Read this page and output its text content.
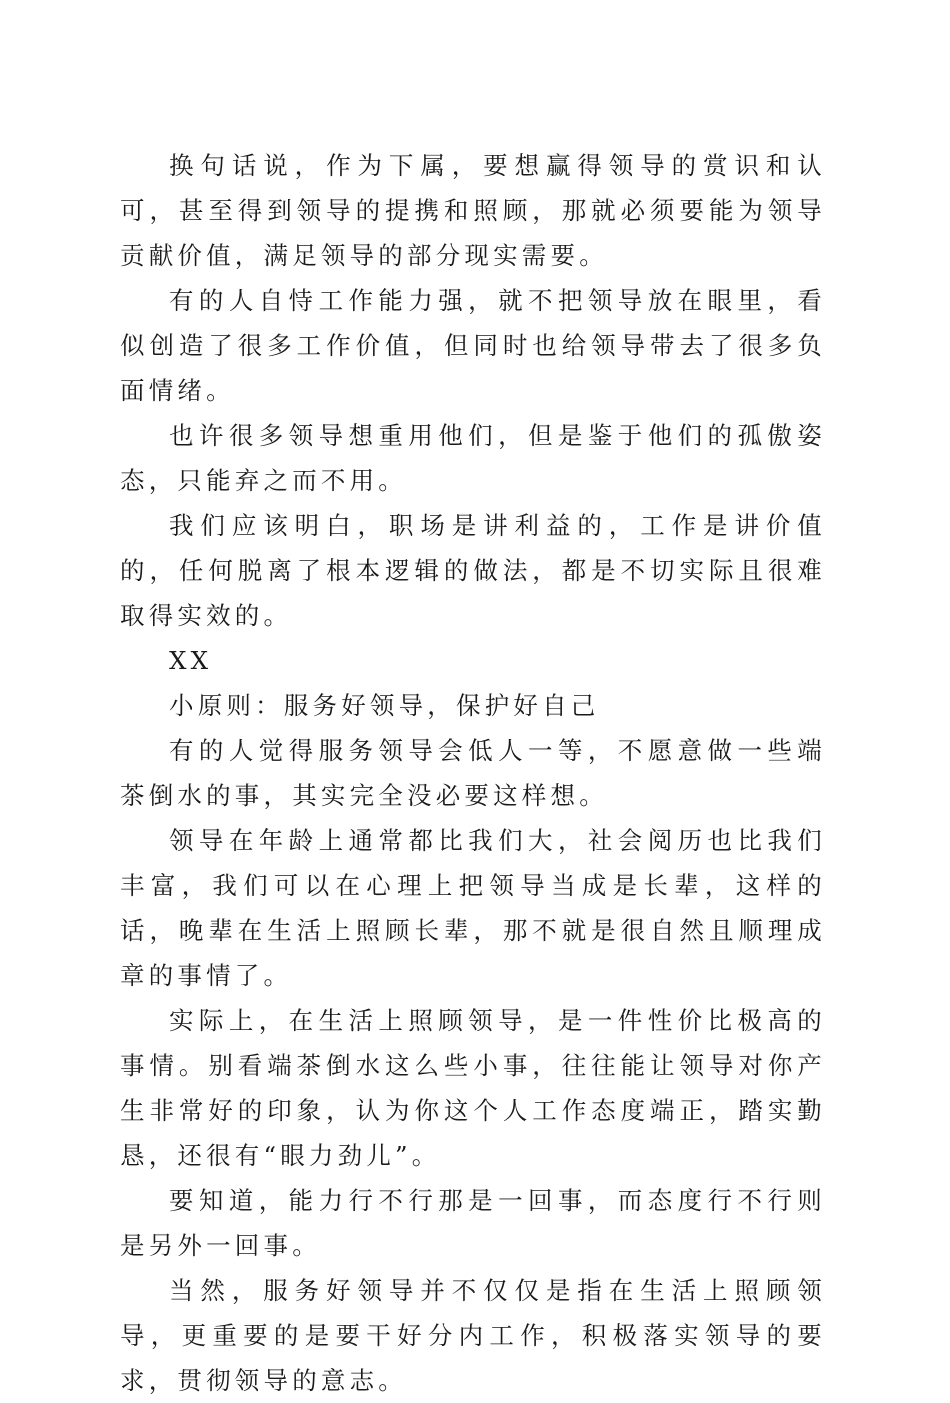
换句话说，作为下属，要想赢得领导的赏识和认可，甚至得到领导的提携和照顾，那就必须要能为领导贡献价值，满足领导的部分现实需要。

有的人自恃工作能力强，就不把领导放在眼里，看似创造了很多工作价值，但同时也给领导带去了很多负面情绪。

也许很多领导想重用他们，但是鉴于他们的孤傲姿态，只能弃之而不用。

我们应该明白，职场是讲利益的，工作是讲价值的，任何脱离了根本逻辑的做法，都是不切实际且很难取得实效的。

XX

小原则：服务好领导，保护好自己

有的人觉得服务领导会低人一等，不愿意做一些端茶倒水的事，其实完全没必要这样想。

领导在年龄上通常都比我们大，社会阅历也比我们丰富，我们可以在心理上把领导当成是长辈，这样的话，晚辈在生活上照顾长辈，那不就是很自然且顺理成章的事情了。

实际上，在生活上照顾领导，是一件性价比极高的事情。别看端茶倒水这么些小事，往往能让领导对你产生非常好的印象，认为你这个人工作态度端正，踏实勤恳，还很有“眼力劲儿”。

要知道，能力行不行那是一回事，而态度行不行则是另外一回事。

当然，服务好领导并不仅仅是指在生活上照顾领导，更重要的是要干好分内工作，积极落实领导的要求，贯彻领导的意志。
